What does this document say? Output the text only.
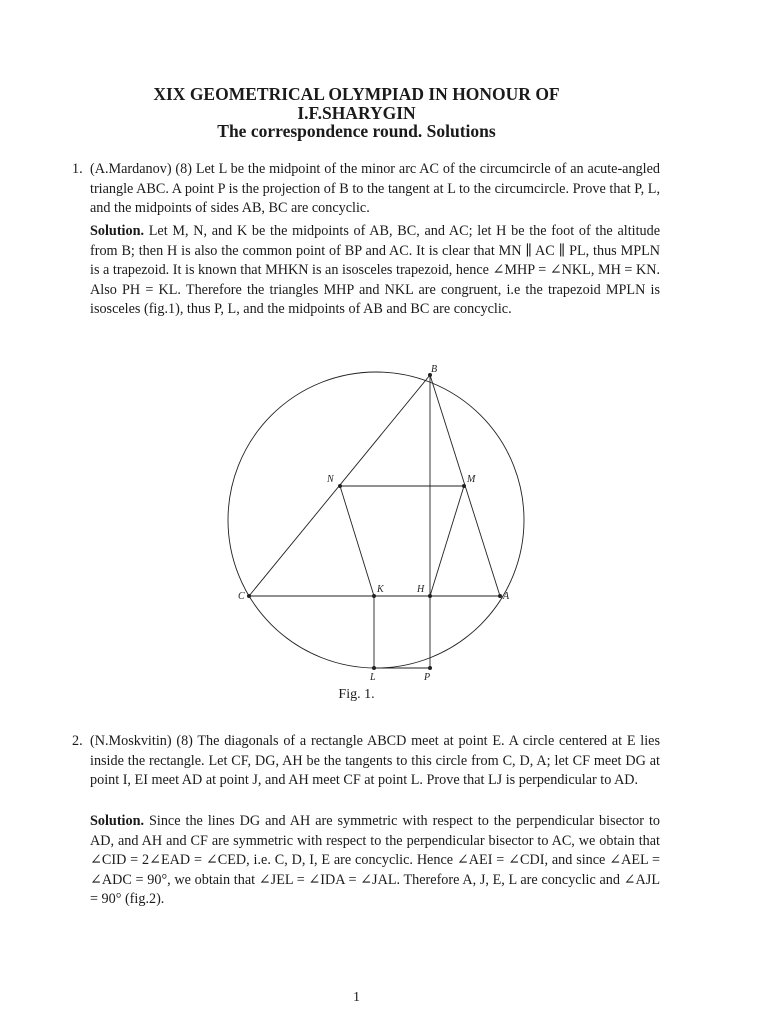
XIX GEOMETRICAL OLYMPIAD IN HONOUR OF
I.F.SHARYGIN
The correspondence round. Solutions
1. (A.Mardanov) (8) Let L be the midpoint of the minor arc AC of the circumcircle of an acute-angled triangle ABC. A point P is the projection of B to the tangent at L to the circumcircle. Prove that P, L, and the midpoints of sides AB, BC are concyclic.
Solution. Let M, N, and K be the midpoints of AB, BC, and AC; let H be the foot of the altitude from B; then H is also the common point of BP and AC. It is clear that MN ∥ AC ∥ PL, thus MPLN is a trapezoid. It is known that MHKN is an isosceles trapezoid, hence ∠MHP = ∠NKL, MH = KN. Also PH = KL. Therefore the triangles MHP and NKL are congruent, i.e the trapezoid MPLN is isosceles (fig.1), thus P, L, and the midpoints of AB and BC are concyclic.
B
N	M
C
K	H
A
L	P
Fig. 1.
2. (N.Moskvitin) (8) The diagonals of a rectangle ABCD meet at point E. A circle centered at E lies inside the rectangle. Let CF, DG, AH be the tangents to this circle from C, D, A; let CF meet DG at point I, EI meet AD at point J, and AH meet CF at point L. Prove that LJ is perpendicular to AD.
Solution. Since the lines DG and AH are symmetric with respect to the perpendicular bisector to AD, and AH and CF are symmetric with respect to the perpendicular bisector to AC, we obtain that ∠CID = 2∠EAD = ∠CED, i.e. C, D, I, E are concyclic. Hence ∠AEI = ∠CDI, and since ∠AEL = ∠ADC = 90°, we obtain that ∠JEL = ∠IDA = ∠JAL. Therefore A, J, E, L are concyclic and ∠AJL = 90° (fig.2).
1
